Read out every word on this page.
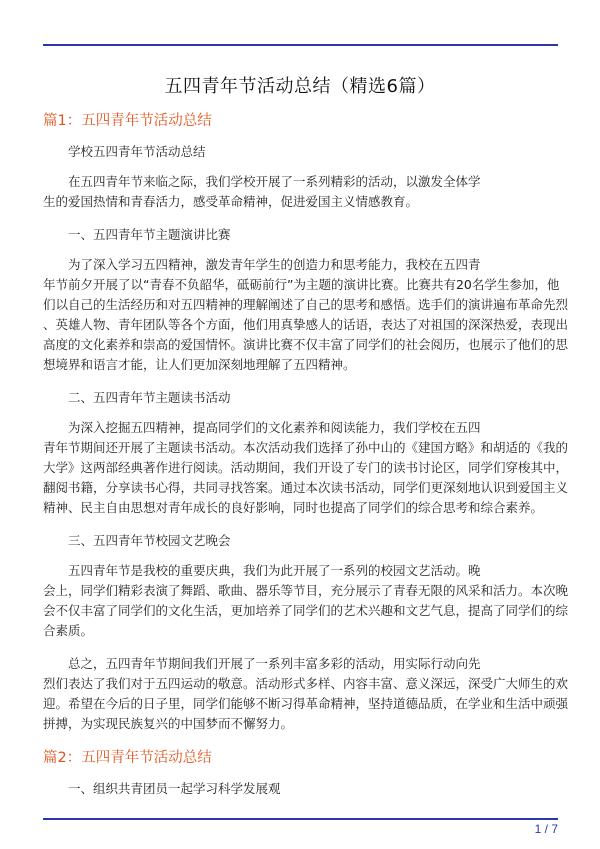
五四青年节活动总结（精选6篇）
篇1：五四青年节活动总结
学校五四青年节活动总结
在五四青年节来临之际，我们学校开展了一系列精彩的活动，以激发全体学
生的爱国热情和青春活力，感受革命精神，促进爱国主义情感教育。
一、五四青年节主题演讲比赛
为了深入学习五四精神，激发青年学生的创造力和思考能力，我校在五四青
年节前夕开展了以“青春不负韶华，砥砺前行”为主题的演讲比赛。比赛共有20名学生参加，他
们以自己的生活经历和对五四精神的理解阐述了自己的思考和感悟。选手们的演讲遍布革命先烈
、英雄人物、青年团队等各个方面，他们用真挚感人的话语，表达了对祖国的深深热爱，表现出
高度的文化素养和崇高的爱国情怀。演讲比赛不仅丰富了同学们的社会阅历，也展示了他们的思
想境界和语言才能，让人们更加深刻地理解了五四精神。
二、五四青年节主题读书活动
为深入挖掘五四精神，提高同学们的文化素养和阅读能力，我们学校在五四
青年节期间还开展了主题读书活动。本次活动我们选择了孙中山的《建国方略》和胡适的《我的
大学》这两部经典著作进行阅读。活动期间，我们开设了专门的读书讨论区，同学们穿梭其中，
翻阅书籍，分享读书心得，共同寻找答案。通过本次读书活动，同学们更深刻地认识到爱国主义
精神、民主自由思想对青年成长的良好影响，同时也提高了同学们的综合思考和综合素养。
三、五四青年节校园文艺晚会
五四青年节是我校的重要庆典，我们为此开展了一系列的校园文艺活动。晚
会上，同学们精彩表演了舞蹈、歌曲、器乐等节目，充分展示了青春无限的风采和活力。本次晚
会不仅丰富了同学们的文化生活，更加培养了同学们的艺术兴趣和文艺气息，提高了同学们的综
合素质。
总之，五四青年节期间我们开展了一系列丰富多彩的活动，用实际行动向先
烈们表达了我们对于五四运动的敬意。活动形式多样、内容丰富、意义深远，深受广大师生的欢
迎。希望在今后的日子里，同学们能够不断习得革命精神，坚持道德品质，在学业和生活中顽强
拼搏，为实现民族复兴的中国梦而不懈努力。
篇2：五四青年节活动总结
一、组织共青团员一起学习科学发展观
1 / 7
